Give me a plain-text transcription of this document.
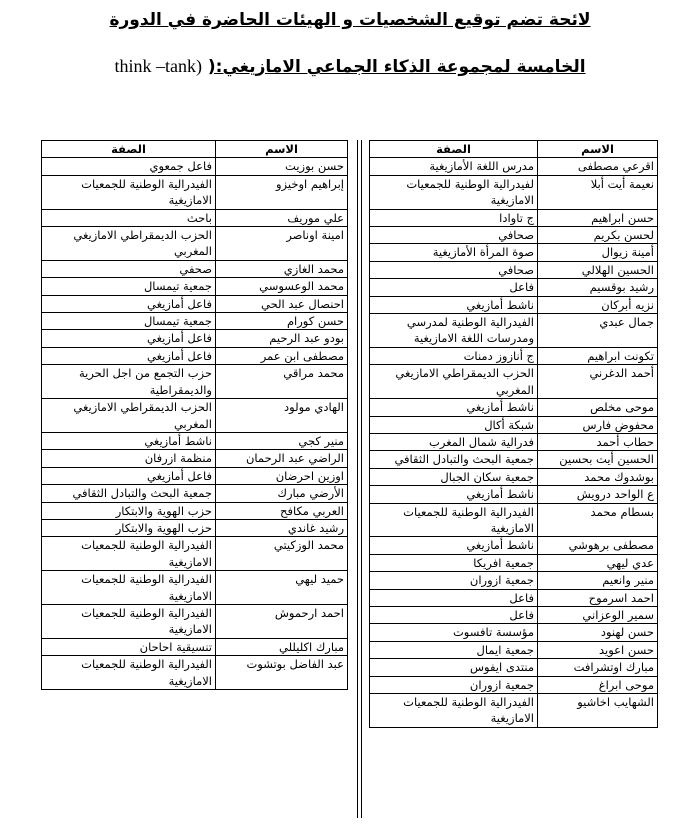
لائحة تضم توقيع الشخصيات و الهيئات الحاضرة في الدورة
الخامسة لمجموعة الذكاء الجماعي الامازيغي:( think –tank)
الاسم	الصفة
اقرعي مصطفى	مدرس اللغة الأمازيغية
نعيمة أيت أبلا	لفيدرالية الوطنية للجمعيات الامازيغية
حسن ابراهيم	ج تاوادا
لحسن بكريم	صحافي
أمينة زيوال	صوة المرأة الأمازيغية
الحسين الهلالي	صحافي
رشيد بوقسيم	فاعل
نزيه أبركان	ناشط أمازيغي
جمال عبدي	الفيدرالية الوطنية لمدرسي ومدرسات اللغة الامازيغية
تكونت ابراهيم	ج أنازوز دمنات
أحمد الدغرني	الحزب الديمقراطي الامازيغي المغربي
موحى مخلص	ناشط أمازيغي
محفوض فارس	شبكة أكال
حطاب أحمد	فدرالية شمال المغرب
الحسين أيت بحسين	جمعية البحث والتبادل الثقافي
بوشدوك محمد	جمعية سكان الجبال
ع الواحد درويش	ناشط أمازيغي
بسطام محمد	الفيدرالية الوطنية للجمعيات الامازيغية
مصطفى برهوشي	ناشط أمازيغي
عدي ليهي	جمعية افريكا
منير وانعيم	جمعية ازوران
احمد اسرموح	فاعل
سمير الوعزاني	فاعل
حسن لهنود	مؤسسة تافسوت
حسن اعويد	جمعية ايمال
مبارك اوتشرافت	منتدى ايفوس
موحى ابراغ	جمعية ازوران
الشهايب اخاشيو	الفيدرالية الوطنية للجمعيات الامازيغية
الاسم	الصفة
حسن بوزيت	فاعل جمعوي
إبراهيم اوخيزو	الفيدرالية الوطنية للجمعيات الامازيغية
علي موريف	باحث
امينة اوناصر	الحزب الديمقراطي الامازيغي المغربي
محمد الغازي	صحفي
محمد الوعسوسي	جمعية تيمسال
احنصال عبد الحي	فاعل أمازيغي
حسن كورام	جمعية تيمسال
بودو عبد الرحيم	فاعل أمازيغي
مصطفى ابن عمر	فاعل أمازيغي
محمد مراقي	حزب التجمع من اجل الحرية والديمقراطية
الهادي مولود	الحزب الديمقراطي الامازيغي المغربي
منير كجي	ناشط أمازيغي
الراضي عبد الرحمان	منظمة ازرفان
اوزين احرضان	فاعل أمازيغي
الأرضي مبارك	جمعية البحث والتبادل الثقافي
العربي مكافح	حزب الهوية والابتكار
رشيد غاندي	حزب الهوية والابتكار
محمد الوزكيتي	الفيدرالية الوطنية للجمعيات الامازيغية
حميد ليهي	الفيدرالية الوطنية للجمعيات الامازيغية
احمد ارحموش	الفيدرالية الوطنية للجمعيات الامازيغية
مبارك اكليللي	تنسيقية احاحان
عبد الفاضل بوتشوت	الفيدرالية الوطنية للجمعيات الامازيغية
